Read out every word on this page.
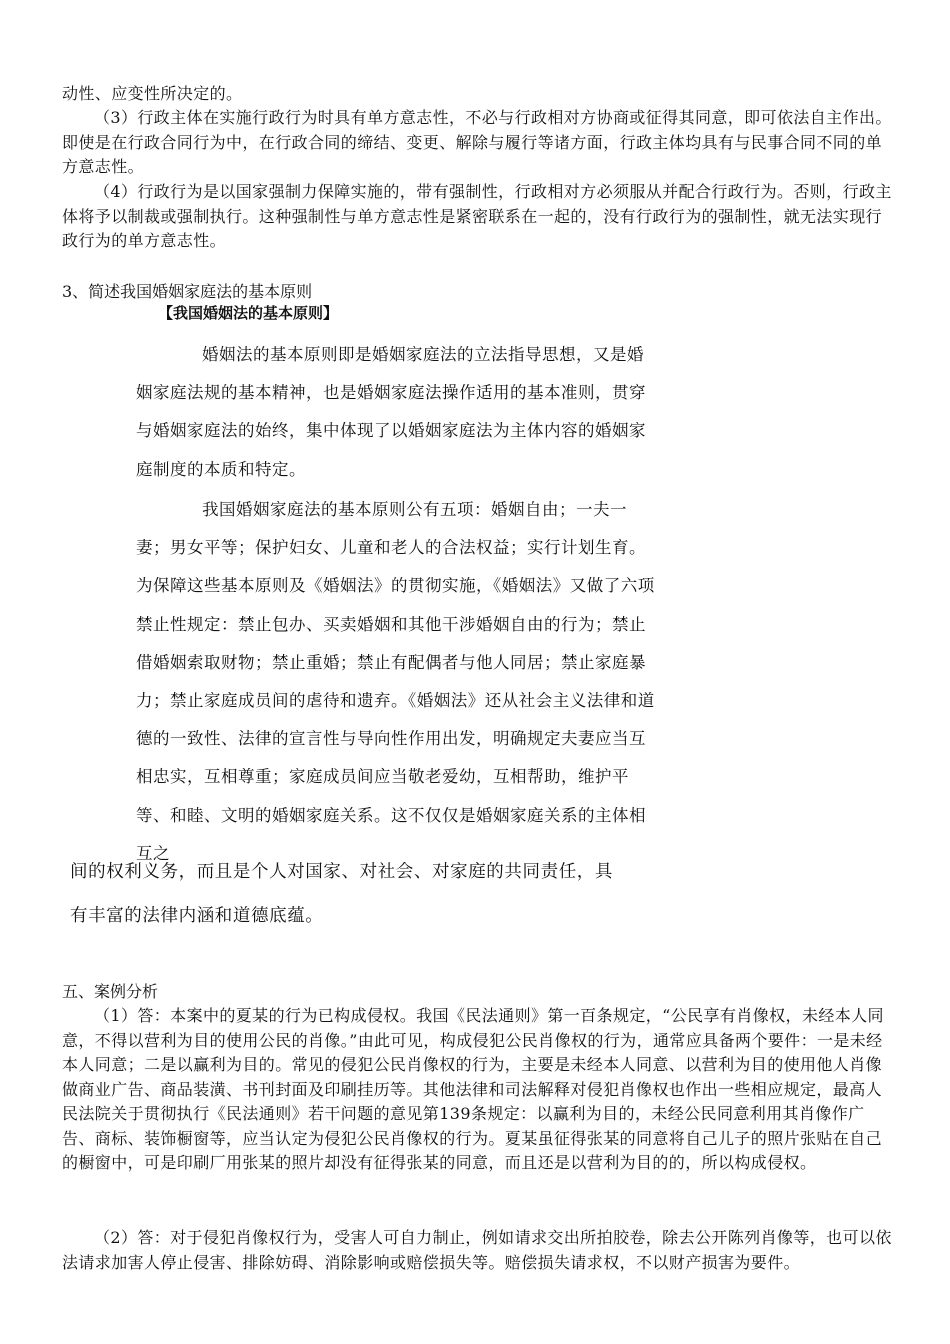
动性、应变性所决定的。

（3）行政主体在实施行政行为时具有单方意志性，不必与行政相对方协商或征得其同意，即可依法自主作出。即使是在行政合同行为中，在行政合同的缔结、变更、解除与履行等诸方面，行政主体均具有与民事合同不同的单方意志性。

（4）行政行为是以国家强制力保障实施的，带有强制性，行政相对方必须服从并配合行政行为。否则，行政主体将予以制裁或强制执行。这种强制性与单方意志性是紧密联系在一起的，没有行政行为的强制性，就无法实现行政行为的单方意志性。

3、简述我国婚姻家庭法的基本原则

【我国婚姻法的基本原则】

婚姻法的基本原则即是婚姻家庭法的立法指导思想，又是婚姻家庭法规的基本精神，也是婚姻家庭法操作适用的基本准则，贯穿与婚姻家庭法的始终，集中体现了以婚姻家庭法为主体内容的婚姻家庭制度的本质和特定。

我国婚姻家庭法的基本原则公有五项：婚姻自由；一夫一妻；男女平等；保护妇女、儿童和老人的合法权益；实行计划生育。为保障这些基本原则及《婚姻法》的贯彻实施，《婚姻法》又做了六项禁止性规定：禁止包办、买卖婚姻和其他干涉婚姻自由的行为；禁止借婚姻索取财物；禁止重婚；禁止有配偶者与他人同居；禁止家庭暴力；禁止家庭成员间的虐待和遗弃。《婚姻法》还从社会主义法律和道德的一致性、法律的宣言性与导向性作用出发，明确规定夫妻应当互相忠实，互相尊重；家庭成员间应当敬老爱幼，互相帮助，维护平等、和睦、文明的婚姻家庭关系。这不仅仅是婚姻家庭关系的主体相互之

间的权利义务，而且是个人对国家、对社会、对家庭的共同责任，具

有丰富的法律内涵和道德底蕴。

五、案例分析

（1）答：本案中的夏某的行为已构成侵权。我国《民法通则》第一百条规定，“公民享有肖像权，未经本人同意，不得以营利为目的使用公民的肖像。”由此可见，构成侵犯公民肖像权的行为，通常应具备两个要件：一是未经本人同意；二是以赢利为目的。常见的侵犯公民肖像权的行为，主要是未经本人同意、以营利为目的使用他人肖像做商业广告、商品装潢、书刊封面及印刷挂历等。其他法律和司法解释对侵犯肖像权也作出一些相应规定，最高人民法院关于贯彻执行《民法通则》若干问题的意见第139条规定：以赢利为目的，未经公民同意利用其肖像作广告、商标、装饰橱窗等，应当认定为侵犯公民肖像权的行为。夏某虽征得张某的同意将自己儿子的照片张贴在自己的橱窗中，可是印刷厂用张某的照片却没有征得张某的同意，而且还是以营利为目的的，所以构成侵权。

（2）答：对于侵犯肖像权行为，受害人可自力制止，例如请求交出所拍胶卷，除去公开陈列肖像等，也可以依法请求加害人停止侵害、排除妨碍、消除影响或赔偿损失等。赔偿损失请求权，不以财产损害为要件。
